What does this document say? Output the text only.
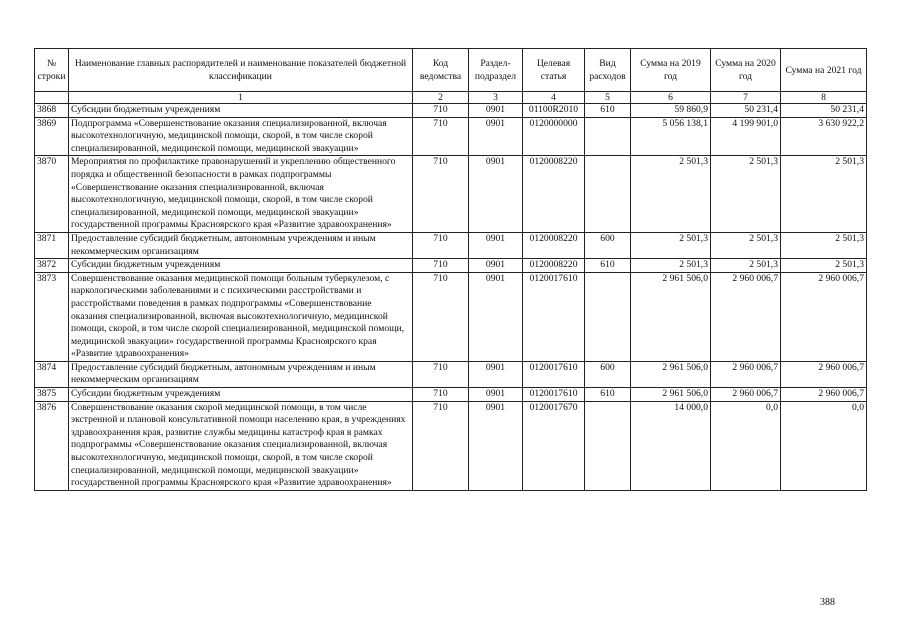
№ строки	Наименование главных распорядителей и наименование показателей бюджетной классификации	Код ведомства	Раздел-подраздел	Целевая статья	Вид расходов	Сумма на 2019 год	Сумма на 2020 год	Сумма на 2021 год
	1	2	3	4	5	6	7	8
3868	Субсидии бюджетным учреждениям	710	0901	01100R2010	610	59 860,9	50 231,4	50 231,4
3869	Подпрограмма «Совершенствование оказания специализированной, включая высокотехнологичную, медицинской помощи, скорой, в том числе скорой специализированной, медицинской помощи, медицинской эвакуации»	710	0901	0120000000		5 056 138,1	4 199 901,0	3 630 922,2
3870	Мероприятия по профилактике правонарушений и укреплению общественного порядка и общественной безопасности в рамках подпрограммы «Совершенствование оказания специализированной, включая высокотехнологичную, медицинской помощи, скорой, в том числе скорой специализированной, медицинской помощи, медицинской эвакуации» государственной программы Красноярского края «Развитие здравоохранения»	710	0901	0120008220		2 501,3	2 501,3	2 501,3
3871	Предоставление субсидий бюджетным, автономным учреждениям и иным некоммерческим организациям	710	0901	0120008220	600	2 501,3	2 501,3	2 501,3
3872	Субсидии бюджетным учреждениям	710	0901	0120008220	610	2 501,3	2 501,3	2 501,3
3873	Совершенствование оказания медицинской помощи больным туберкулезом, с наркологическими заболеваниями и с психическими расстройствами и расстройствами поведения в рамках подпрограммы «Совершенствование оказания специализированной, включая высокотехнологичную, медицинской помощи, скорой, в том числе скорой специализированной, медицинской помощи, медицинской эвакуации» государственной программы Красноярского края «Развитие здравоохранения»	710	0901	0120017610		2 961 506,0	2 960 006,7	2 960 006,7
3874	Предоставление субсидий бюджетным, автономным учреждениям и иным некоммерческим организациям	710	0901	0120017610	600	2 961 506,0	2 960 006,7	2 960 006,7
3875	Субсидии бюджетным учреждениям	710	0901	0120017610	610	2 961 506,0	2 960 006,7	2 960 006,7
3876	Совершенствование оказания скорой медицинской помощи, в том числе экстренной и плановой консультативной помощи населению края, в учреждениях здравоохранения края, развитие службы медицины катастроф края в рамках подпрограммы «Совершенствование оказания специализированной, включая высокотехнологичную, медицинской помощи, скорой, в том числе скорой специализированной, медицинской помощи, медицинской эвакуации» государственной программы Красноярского края «Развитие здравоохранения»	710	0901	0120017670		14 000,0	0,0	0,0
388
